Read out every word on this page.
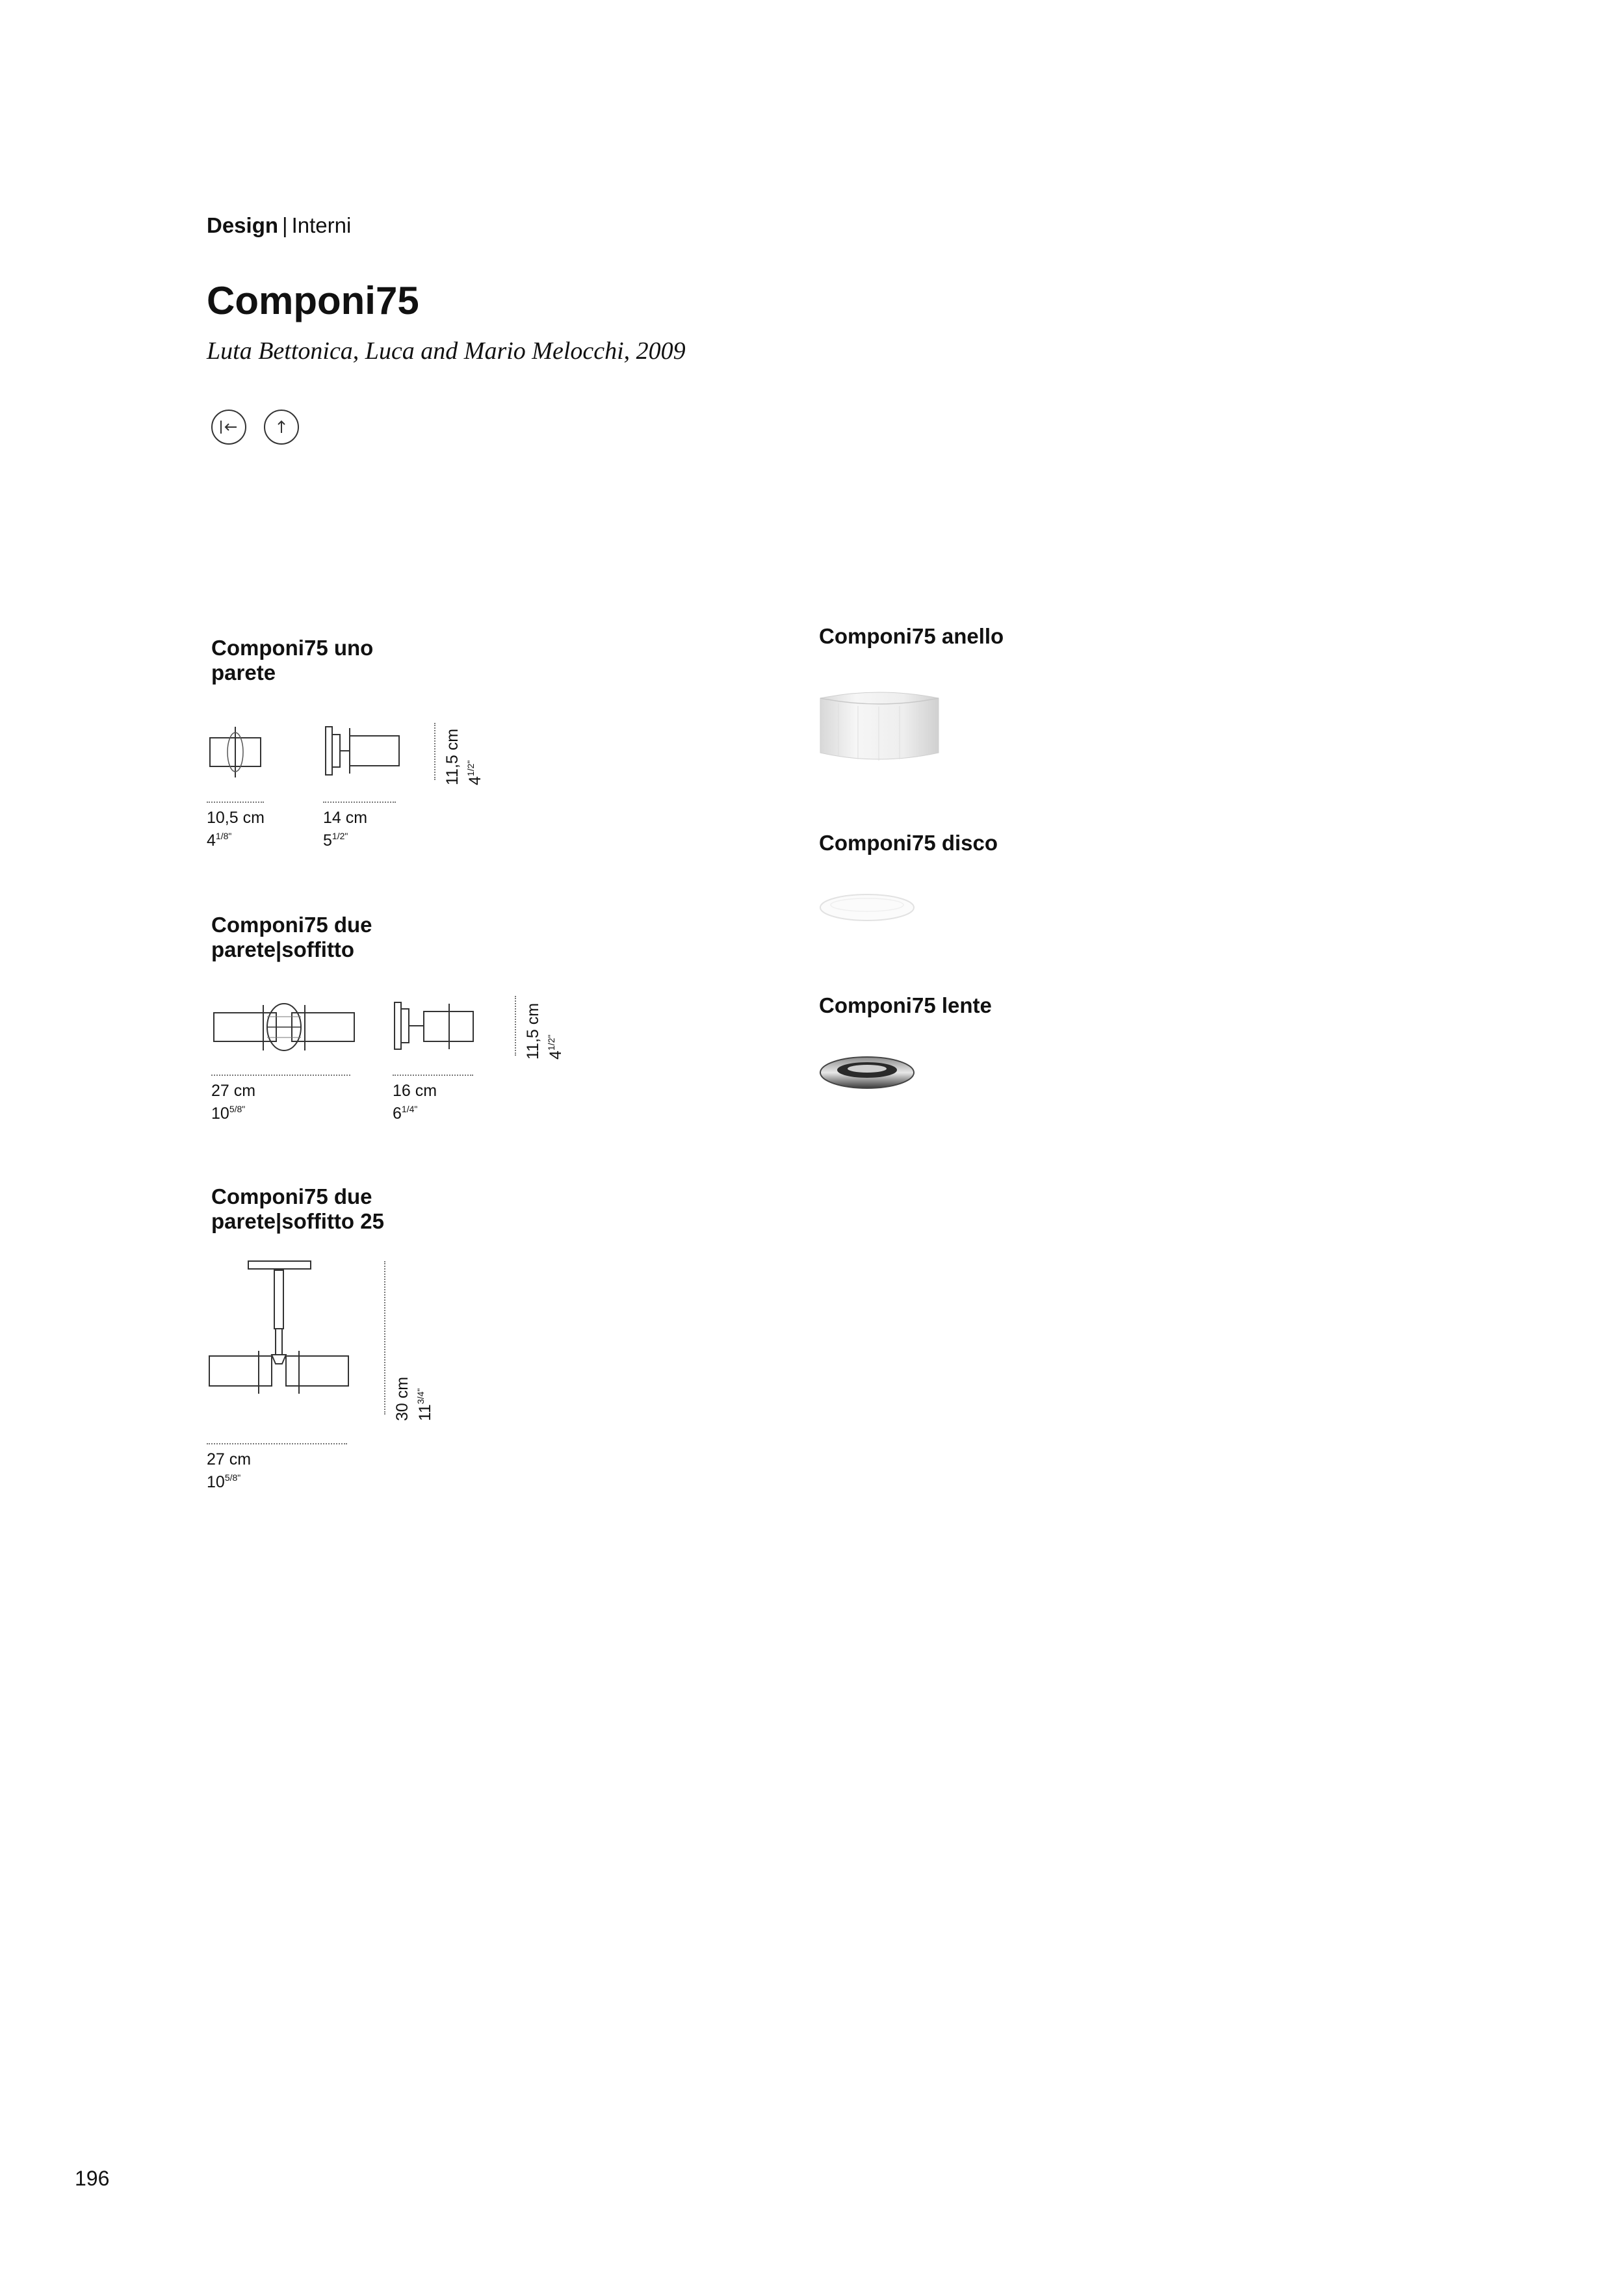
Design | Interni
Componi75
Luta Bettonica, Luca and Mario Melocchi, 2009
Componi75 uno parete
11,5 cm $4^{1/2"}$
10,5 cm
$4^{1/8"}$
14 cm
$5^{1/2"}$
Componi75 due parete|soffitto
11,5 cm $4^{1/2"}$
27 cm
$10^{5/8"}$
16 cm
$6^{1/4"}$
Componi75 due parete|soffitto 25
30 cm $11^{3/4"}$
27 cm
$10^{5/8"}$
Componi75 anello
Componi75 disco
Componi75 lente
196
